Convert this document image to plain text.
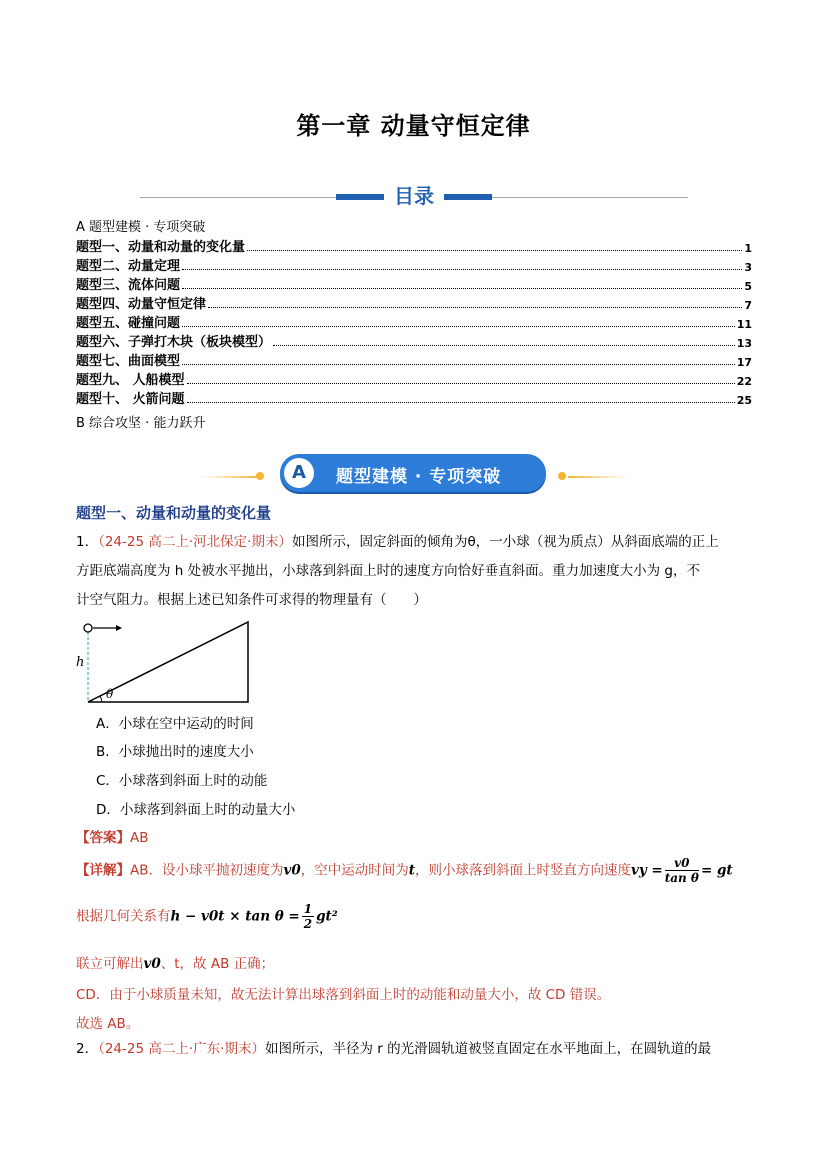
第一章 动量守恒定律
目录
A 题型建模 · 专项突破
题型一、动量和动量的变化量	1
题型二、动量定理	3
题型三、流体问题	5
题型四、动量守恒定律	7
题型五、碰撞问题	11
题型六、子弹打木块（板块模型）	13
题型七、曲面模型	17
题型九、 人船模型	22
题型十、 火箭问题	25
B 综合攻坚 · 能力跃升
A	题型建模 · 专项突破
题型一、动量和动量的变化量
1．（24-25 高二上·河北保定·期末）如图所示，固定斜面的倾角为θ，一小球（视为质点）从斜面底端的正上
方距底端高度为 h 处被水平抛出，小球落到斜面上时的速度方向恰好垂直斜面。重力加速度大小为 g，不
计空气阻力。根据上述已知条件可求得的物理量有（　　）
h
θ
A．小球在空中运动的时间
B．小球抛出时的速度大小
C．小球落到斜面上时的动能
D．小球落到斜面上时的动量大小
【答案】AB
【详解】AB．设小球平抛初速度为v0，空中运动时间为t，则小球落到斜面上时竖直方向速度vy = $\frac{v0}{\text{tan θ}}$ = gt
根据几何关系有$h - v0t \times \tan \theta = \frac{1}{2} gt^2$
联立可解出v0、t，故 AB 正确；
CD．由于小球质量未知，故无法计算出球落到斜面上时的动能和动量大小，故 CD 错误。
故选 AB。
2．（24-25 高二上·广东·期末）如图所示，半径为 r 的光滑圆轨道被竖直固定在水平地面上，在圆轨道的最
